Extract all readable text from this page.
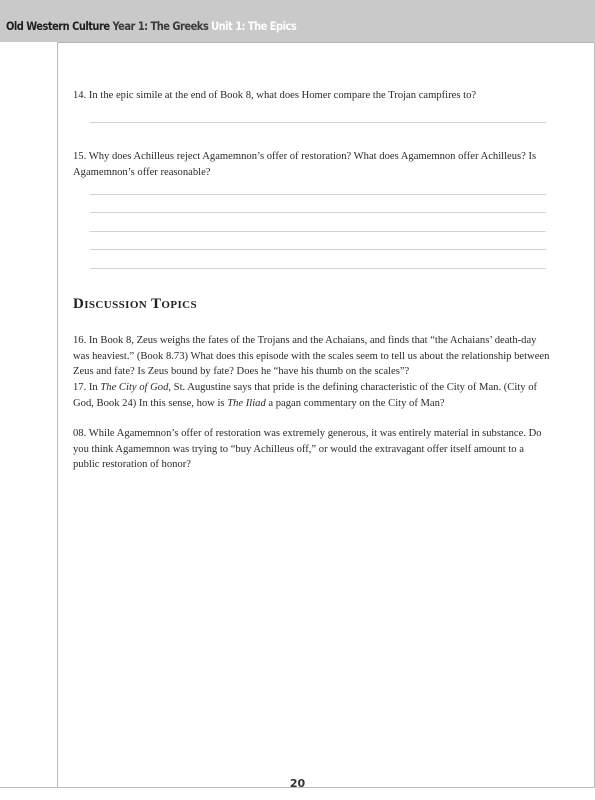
Old Western Culture Year 1: The Greeks Unit 1: The Epics
14. In the epic simile at the end of Book 8, what does Homer compare the Trojan campfires to?
15. Why does Achilleus reject Agamemnon’s offer of restoration? What does Agamemnon offer Achilleus? Is Agamemnon’s offer reasonable?
Discussion Topics
16. In Book 8, Zeus weighs the fates of the Trojans and the Achaians, and finds that “the Achaians’ death-day was heaviest.” (Book 8.73) What does this episode with the scales seem to tell us about the relationship between Zeus and fate? Is Zeus bound by fate? Does he “have his thumb on the scales”?
17. In The City of God, St. Augustine says that pride is the defining characteristic of the City of Man. (City of God, Book 24) In this sense, how is The Iliad a pagan commentary on the City of Man?
08. While Agamemnon’s offer of restoration was extremely generous, it was entirely material in substance. Do you think Agamemnon was trying to “buy Achilleus off,” or would the extravagant offer itself amount to a public restoration of honor?
20
